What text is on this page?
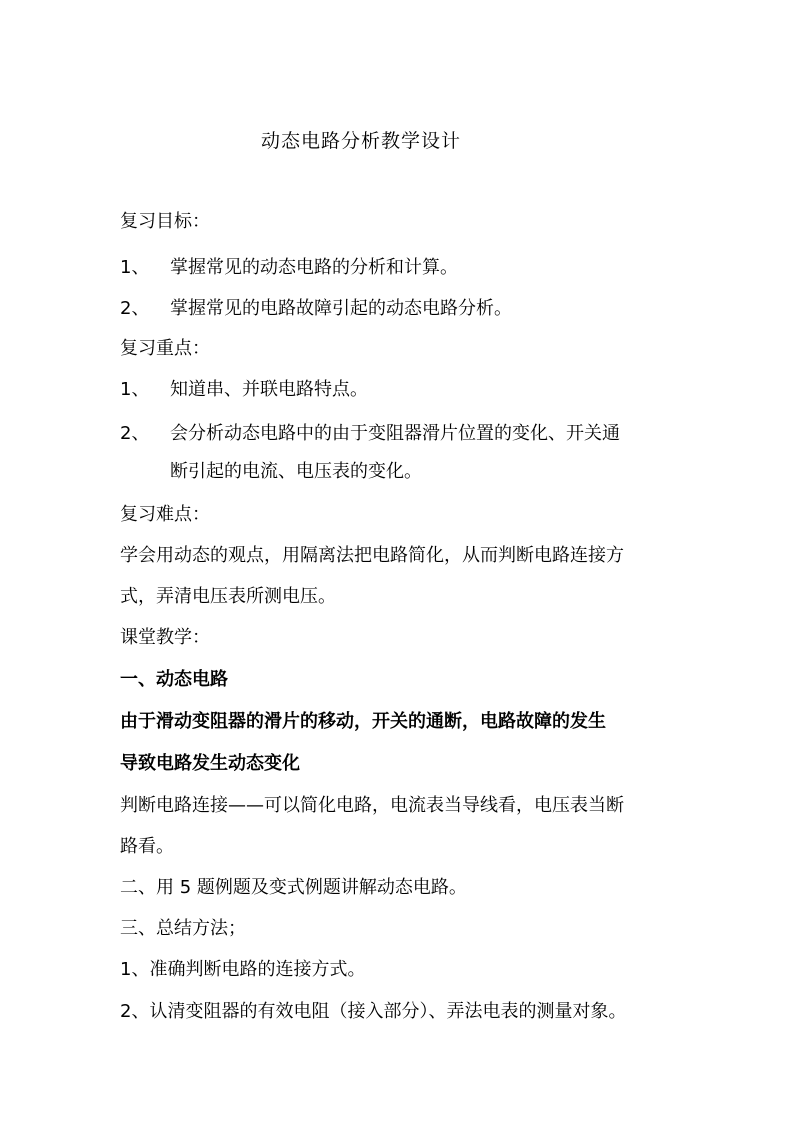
动态电路分析教学设计
复习目标：
1、 掌握常见的动态电路的分析和计算。
2、 掌握常见的电路故障引起的动态电路分析。
复习重点：
1、 知道串、并联电路特点。
2、 会分析动态电路中的由于变阻器滑片位置的变化、开关通
断引起的电流、电压表的变化。
复习难点：
学会用动态的观点，用隔离法把电路简化，从而判断电路连接方
式，弄清电压表所测电压。
课堂教学：
一、动态电路
由于滑动变阻器的滑片的移动，开关的通断，电路故障的发生
导致电路发生动态变化
判断电路连接——可以简化电路，电流表当导线看，电压表当断
路看。
二、用 5 题例题及变式例题讲解动态电路。
三、总结方法；
1、准确判断电路的连接方式。
2、认清变阻器的有效电阻（接入部分）、弄法电表的测量对象。
